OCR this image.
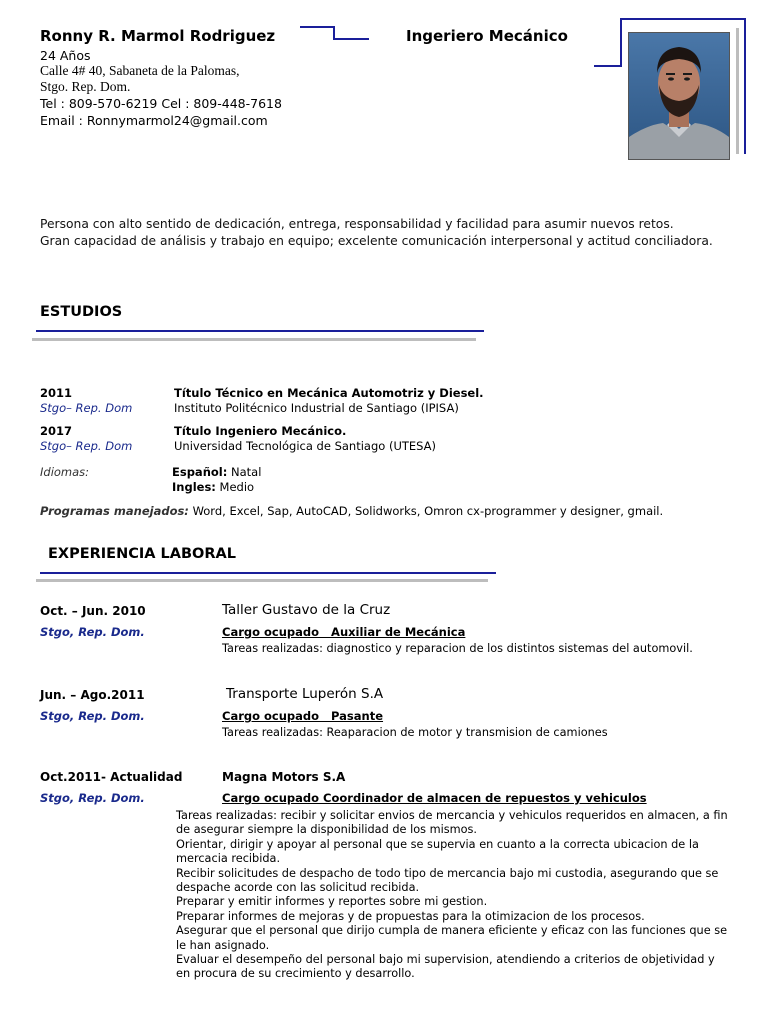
Ronny R. Marmol Rodriguez	Ingeriero Mecánico
24 Años
Calle 4# 40, Sabaneta de la Palomas,
Stgo. Rep. Dom.
Tel : 809-570-6219 Cel : 809-448-7618
Email : Ronnymarmol24@gmail.com
Persona con alto sentido de dedicación, entrega, responsabilidad y facilidad para asumir nuevos retos.
Gran capacidad de análisis y trabajo en equipo; excelente comunicación interpersonal y actitud conciliadora.
ESTUDIOS
2011	Título Técnico en Mecánica Automotriz y Diesel.
Stgo– Rep. Dom	Instituto Politécnico Industrial de Santiago (IPISA)
2017	Título Ingeniero Mecánico.
Stgo– Rep. Dom	Universidad Tecnológica de Santiago (UTESA)
Idiomas:	Español: Natal
Ingles: Medio
Programas manejados: Word, Excel, Sap, AutoCAD, Solidworks, Omron cx-programmer y designer, gmail.
EXPERIENCIA LABORAL
Oct. – Jun. 2010	Taller Gustavo de la Cruz
Stgo, Rep. Dom.	Cargo ocupado   Auxiliar de Mecánica
Tareas realizadas: diagnostico y reparacion de los distintos sistemas del automovil.
Jun. – Ago.2011	Transporte Luperón S.A
Stgo, Rep. Dom.	Cargo ocupado   Pasante
Tareas realizadas: Reaparacion de motor y transmision de camiones
Oct.2011- Actualidad	Magna Motors S.A
Stgo, Rep. Dom.	Cargo ocupado Coordinador de almacen de repuestos y vehiculos
Tareas realizadas: recibir y solicitar envios de mercancia y vehiculos requeridos en almacen, a fin de asegurar siempre la disponibilidad de los mismos.
Orientar, dirigir y apoyar al personal que se supervia en cuanto a la correcta ubicacion de la mercacia recibida.
Recibir solicitudes de despacho de todo tipo de mercancia bajo mi custodia, asegurando que se despache acorde con las solicitud recibida.
Preparar y emitir informes y reportes sobre mi gestion.
Preparar informes de mejoras y de propuestas para la otimizacion de los procesos.
Asegurar que el personal que dirijo cumpla de manera eficiente y eficaz con las funciones que se le han asignado.
Evaluar el desempeño del personal bajo mi supervision, atendiendo a criterios de objetividad y en procura de su crecimiento y desarrollo.
